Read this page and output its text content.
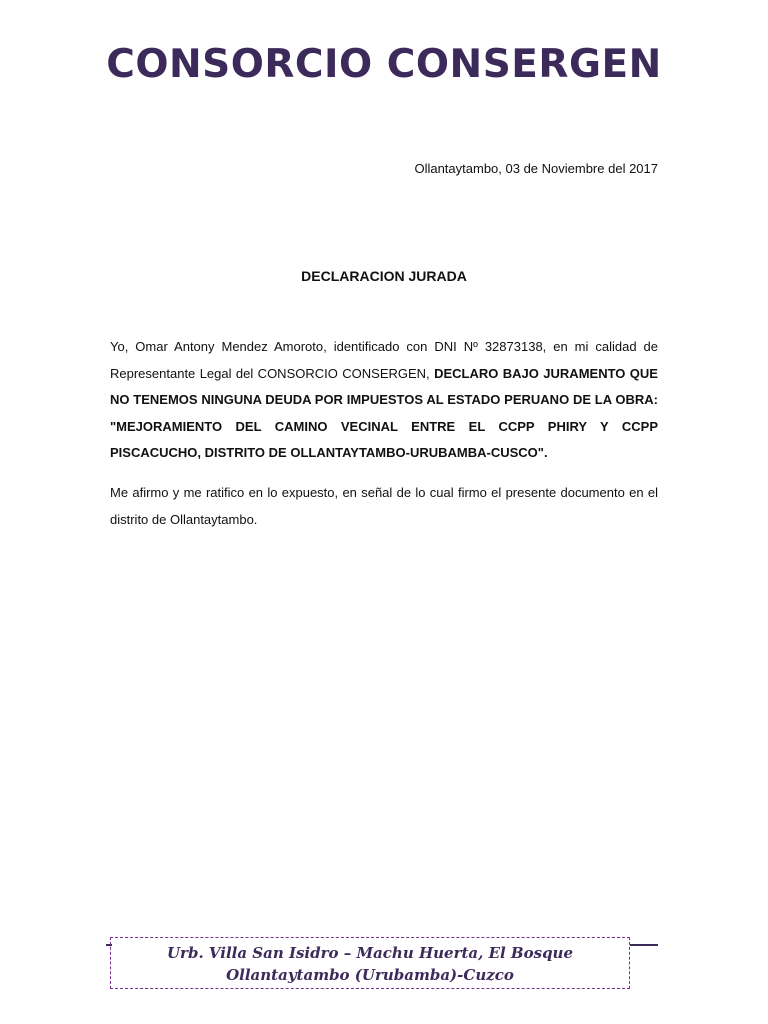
CONSORCIO CONSERGEN
Ollantaytambo, 03 de Noviembre del 2017
DECLARACION JURADA

Yo, Omar Antony Mendez Amoroto, identificado con DNI Nº 32873138, en mi calidad de Representante Legal del CONSORCIO CONSERGEN, DECLARO BAJO JURAMENTO QUE NO TENEMOS NINGUNA DEUDA POR IMPUESTOS AL ESTADO PERUANO DE LA OBRA: "MEJORAMIENTO DEL CAMINO VECINAL ENTRE EL CCPP PHIRY Y CCPP PISCACUCHO, DISTRITO DE OLLANTAYTAMBO-URUBAMBA-CUSCO".

Me afirmo y me ratifico en lo expuesto, en señal de lo cual firmo el presente documento en el distrito de Ollantaytambo.

Urb. Villa San Isidro – Machu Huerta, El Bosque
Ollantaytambo (Urubamba)-Cuzco
